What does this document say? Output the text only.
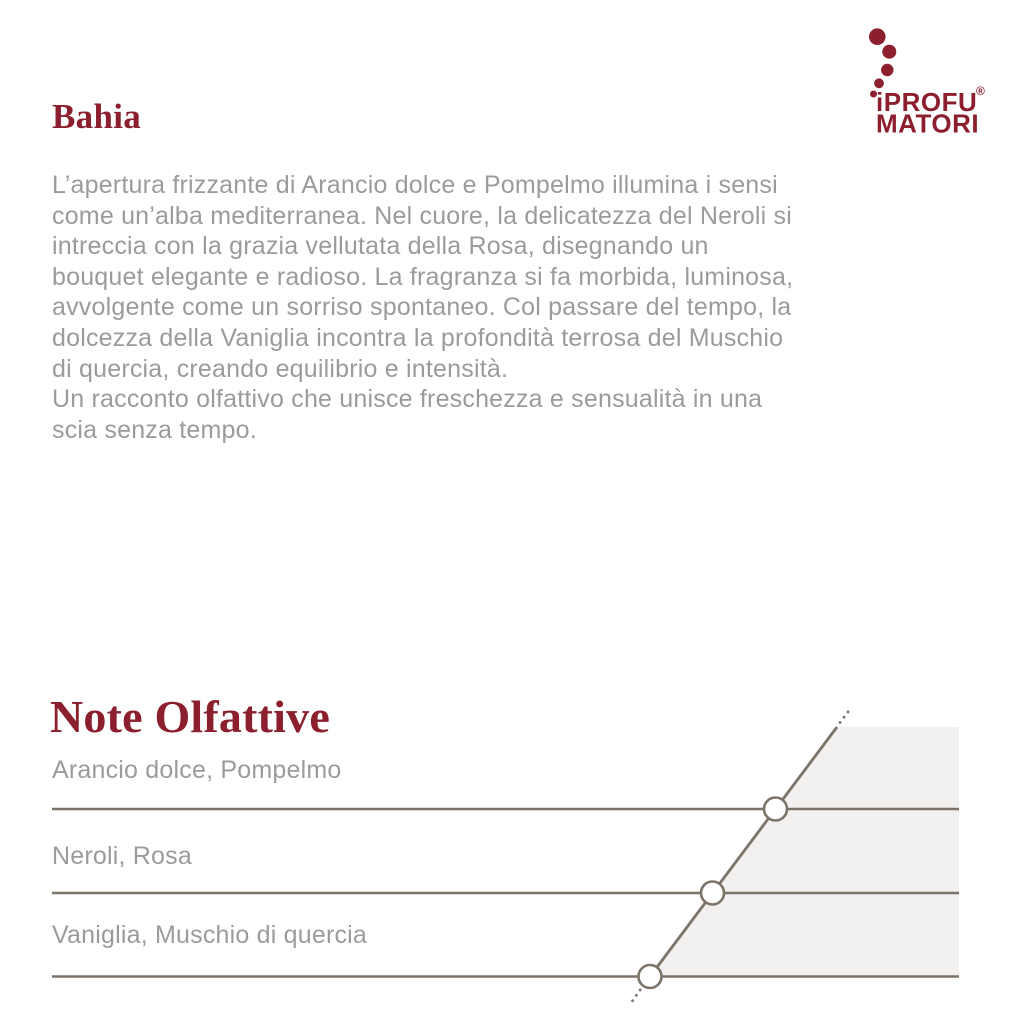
Bahia	iPROFU
MATORI
®

L’apertura frizzante di Arancio dolce e Pompelmo illumina i sensi come un’alba mediterranea. Nel cuore, la delicatezza del Neroli si intreccia con la grazia vellutata della Rosa, disegnando un bouquet elegante e radioso. La fragranza si fa morbida, luminosa, avvolgente come un sorriso spontaneo. Col passare del tempo, la dolcezza della Vaniglia incontra la profondità terrosa del Muschio di quercia, creando equilibrio e intensità.

Un racconto olfattivo che unisce freschezza e sensualità in una scia senza tempo.

Note Olfattive
Arancio dolce, Pompelmo
Neroli, Rosa
Vaniglia, Muschio di quercia
